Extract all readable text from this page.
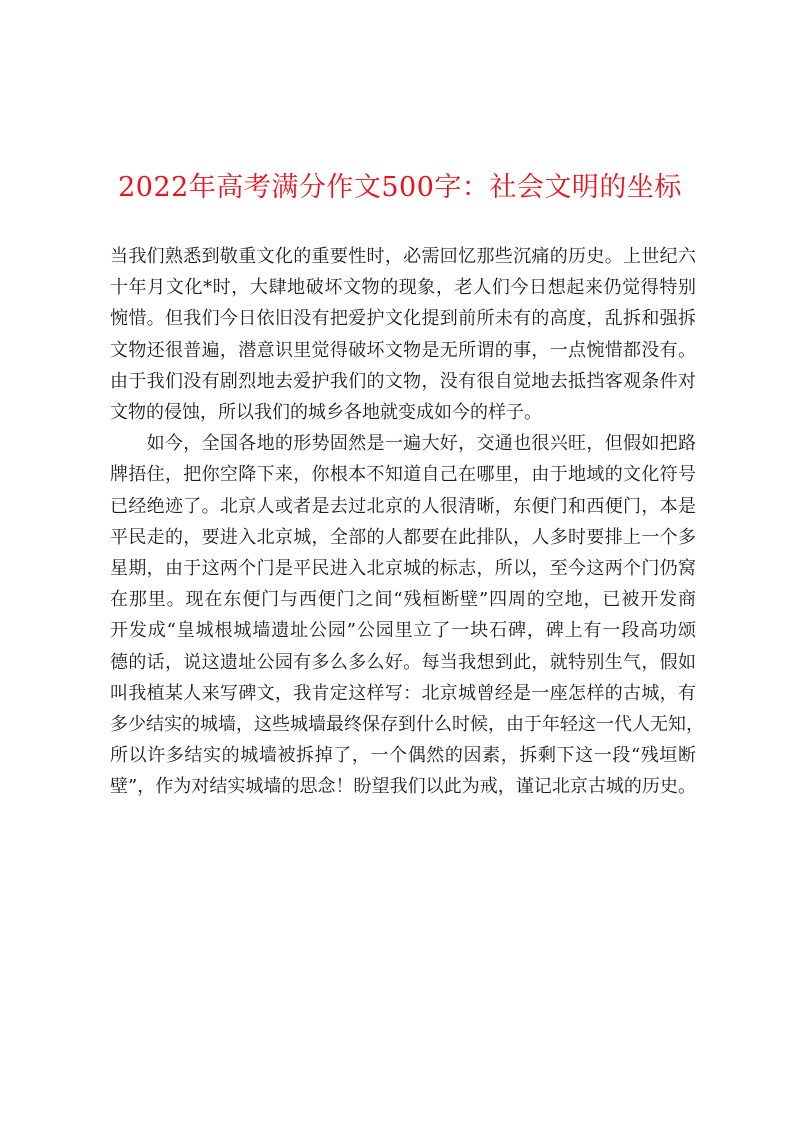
2022年高考满分作文500字：社会文明的坐标

当我们熟悉到敬重文化的重要性时，必需回忆那些沉痛的历史。上世纪六
十年月文化*时，大肆地破坏文物的现象，老人们今日想起来仍觉得特别
惋惜。但我们今日依旧没有把爱护文化提到前所未有的高度，乱拆和强拆
文物还很普遍，潜意识里觉得破坏文物是无所谓的事，一点惋惜都没有。
由于我们没有剧烈地去爱护我们的文物，没有很自觉地去抵挡客观条件对
文物的侵蚀，所以我们的城乡各地就变成如今的样子。

　　如今，全国各地的形势固然是一遍大好，交通也很兴旺，但假如把路
牌捂住，把你空降下来，你根本不知道自己在哪里，由于地域的文化符号
已经绝迹了。北京人或者是去过北京的人很清晰，东便门和西便门，本是
平民走的，要进入北京城，全部的人都要在此排队，人多时要排上一个多
星期，由于这两个门是平民进入北京城的标志，所以，至今这两个门仍窝
在那里。现在东便门与西便门之间“残桓断壁”四周的空地，已被开发商
开发成“皇城根城墙遗址公园”公园里立了一块石碑，碑上有一段高功颂
德的话，说这遗址公园有多么多么好。每当我想到此，就特别生气，假如
叫我植某人来写碑文，我肯定这样写：北京城曾经是一座怎样的古城，有
多少结实的城墙，这些城墙最终保存到什么时候，由于年轻这一代人无知，
所以许多结实的城墙被拆掉了，一个偶然的因素，拆剩下这一段“残垣断
壁”，作为对结实城墙的思念！盼望我们以此为戒，谨记北京古城的历史。
